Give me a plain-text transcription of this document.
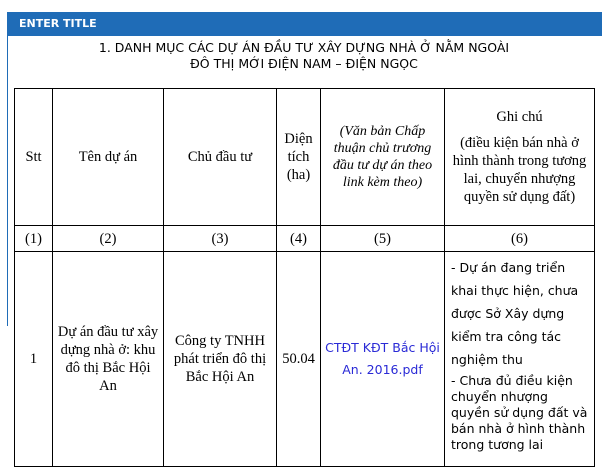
ENTER TITLE
1. DANH MỤC CÁC DỰ ÁN ĐẦU TƯ XÂY DỰNG NHÀ Ở NẰM NGOÀI
ĐÔ THỊ MỚI ĐIỆN NAM – ĐIỆN NGỌC
Stt	Tên dự án	Chủ đầu tư	Diện tích (ha)	(Văn bản Chấp thuận chủ trương đầu tư dự án theo link kèm theo)	Ghi chú
(điều kiện bán nhà ở hình thành trong tương lai, chuyển nhượng quyền sử dụng đất)

(1)	(2)	(3)	(4)	(5)	(6)
1	Dự án đầu tư xây dựng nhà ở: khu đô thị Bắc Hội An	Công ty TNHH phát triển đô thị Bắc Hội An	50.04	CTĐT KĐT Bắc Hội An. 2016.pdf	- Dự án đang triển khai thực hiện, chưa được Sở Xây dựng kiểm tra công tác nghiệm thu

- Chưa đủ điều kiện chuyển nhượng quyền sử dụng đất và bán nhà ở hình thành trong tương lai
